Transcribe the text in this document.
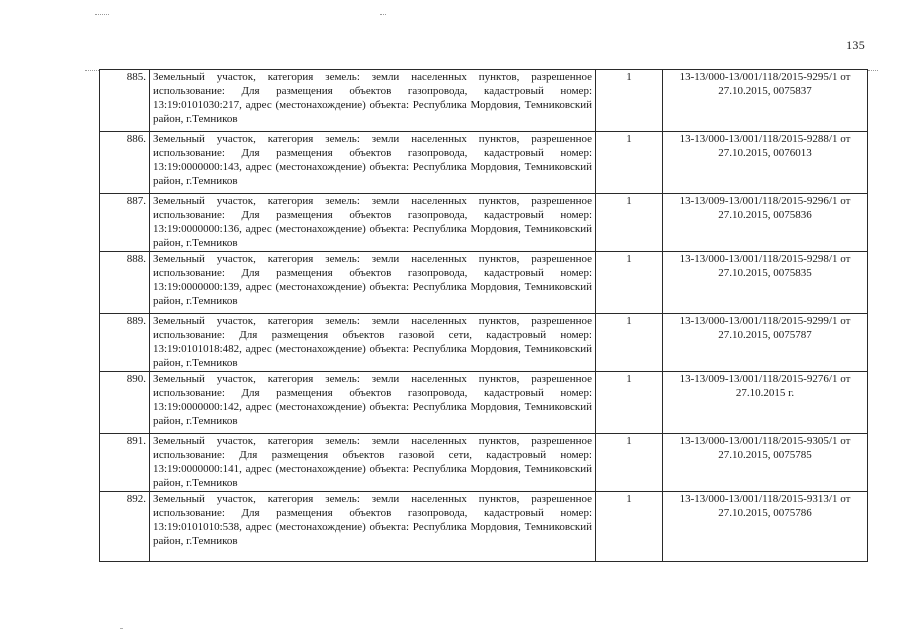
135
885.	Земельный участок, категория земель: земли населенных пунктов, разрешенное использование: Для размещения объектов газопровода, кадастровый номер: 13:19:0101030:217, адрес (местонахождение) объекта: Республика Мордовия, Темниковский район, г.Темников	1	13-13/000-13/001/118/2015-9295/1 от 27.10.2015, 0075837
886.	Земельный участок, категория земель: земли населенных пунктов, разрешенное использование: Для размещения объектов газопровода, кадастровый номер: 13:19:0000000:143, адрес (местонахождение) объекта: Республика Мордовия, Темниковский район, г.Темников	1	13-13/000-13/001/118/2015-9288/1 от 27.10.2015, 0076013
887.	Земельный участок, категория земель: земли населенных пунктов, разрешенное использование: Для размещения объектов газопровода, кадастровый номер: 13:19:0000000:136, адрес (местонахождение) объекта: Республика Мордовия, Темниковский район, г.Темников	1	13-13/009-13/001/118/2015-9296/1 от 27.10.2015, 0075836
888.	Земельный участок, категория земель: земли населенных пунктов, разрешенное использование: Для размещения объектов газопровода, кадастровый номер: 13:19:0000000:139, адрес (местонахождение) объекта: Республика Мордовия, Темниковский район, г.Темников	1	13-13/000-13/001/118/2015-9298/1 от 27.10.2015, 0075835
889.	Земельный участок, категория земель: земли населенных пунктов, разрешенное использование: Для размещения объектов газовой сети, кадастровый номер: 13:19:0101018:482, адрес (местонахождение) объекта: Республика Мордовия, Темниковский район, г.Темников	1	13-13/000-13/001/118/2015-9299/1 от 27.10.2015, 0075787
890.	Земельный участок, категория земель: земли населенных пунктов, разрешенное использование: Для размещения объектов газопровода, кадастровый номер: 13:19:0000000:142, адрес (местонахождение) объекта: Республика Мордовия, Темниковский район, г.Темников	1	13-13/009-13/001/118/2015-9276/1 от 27.10.2015 г.
891.	Земельный участок, категория земель: земли населенных пунктов, разрешенное использование: Для размещения объектов газовой сети, кадастровый номер: 13:19:0000000:141, адрес (местонахождение) объекта: Республика Мордовия, Темниковский район, г.Темников	1	13-13/000-13/001/118/2015-9305/1 от 27.10.2015, 0075785
892.	Земельный участок, категория земель: земли населенных пунктов, разрешенное использование: Для размещения объектов газопровода, кадастровый номер: 13:19:0101010:538, адрес (местонахождение) объекта: Республика Мордовия, Темниковский район, г.Темников	1	13-13/000-13/001/118/2015-9313/1 от 27.10.2015, 0075786
